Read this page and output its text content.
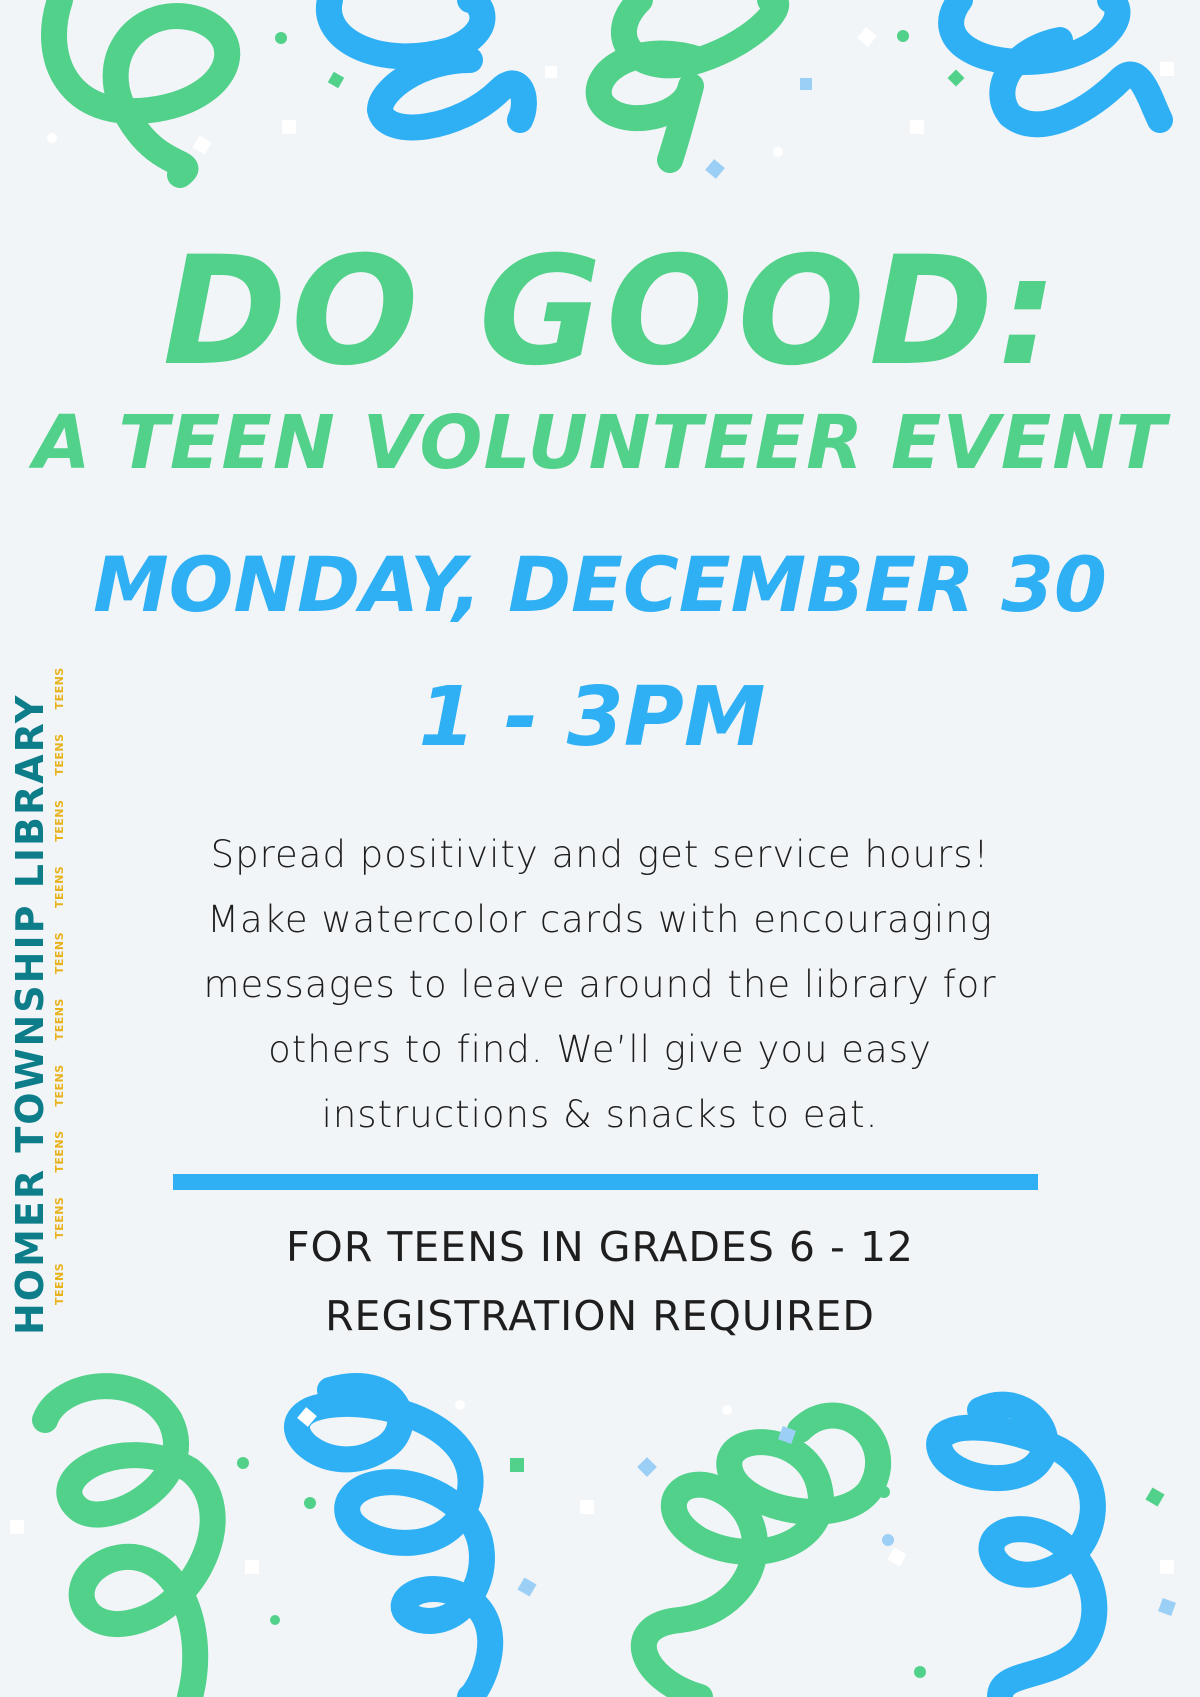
DO GOOD:
A TEEN VOLUNTEER EVENT
MONDAY, DECEMBER 30
1 - 3PM
Spread positivity and get service hours!
Make watercolor cards with encouraging
messages to leave around the library for
others to find. We’ll give you easy
instructions & snacks to eat.
FOR TEENS IN GRADES 6 - 12
REGISTRATION REQUIRED
HOMER TOWNSHIP LIBRARY TEENS
TEENS
TEENS
TEENS
TEENS
TEENS
TEENS
TEENS
TEENS
TEENS
